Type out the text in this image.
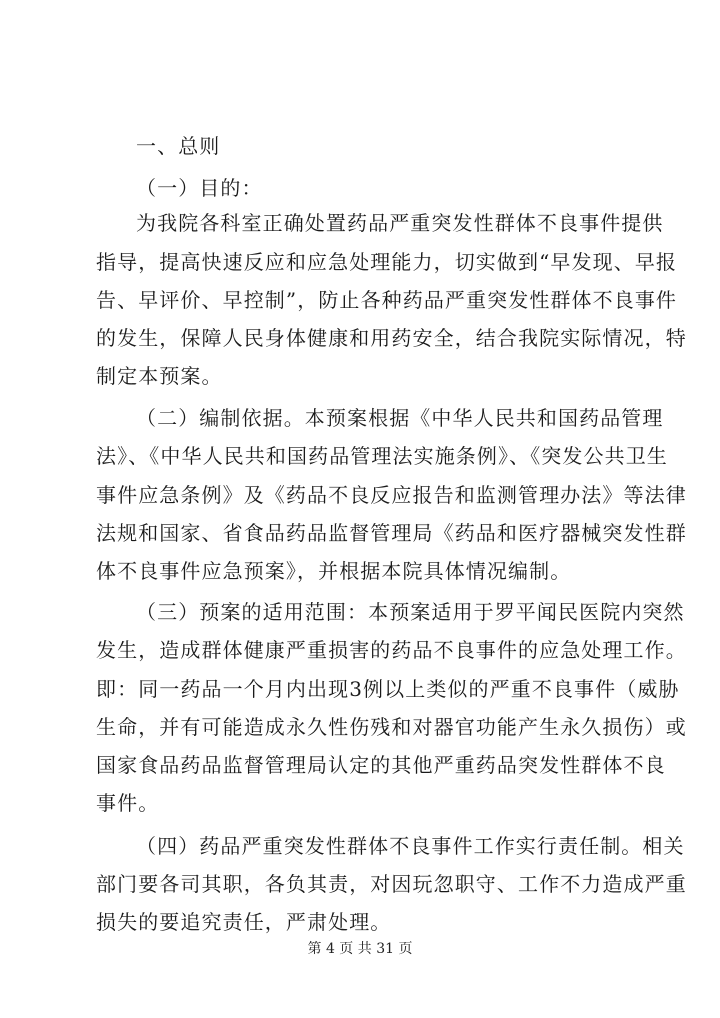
一、总则
（一）目的：
为我院各科室正确处置药品严重突发性群体不良事件提供
指导，提高快速反应和应急处理能力，切实做到“早发现、早报
告、早评价、早控制”，防止各种药品严重突发性群体不良事件
的发生，保障人民身体健康和用药安全，结合我院实际情况，特
制定本预案。
（二）编制依据。本预案根据《中华人民共和国药品管理
法》、《中华人民共和国药品管理法实施条例》、《突发公共卫生
事件应急条例》及《药品不良反应报告和监测管理办法》等法律
法规和国家、省食品药品监督管理局《药品和医疗器械突发性群
体不良事件应急预案》，并根据本院具体情况编制。
（三）预案的适用范围：本预案适用于罗平闻民医院内突然
发生，造成群体健康严重损害的药品不良事件的应急处理工作。
即：同一药品一个月内出现3例以上类似的严重不良事件（威胁
生命，并有可能造成永久性伤残和对器官功能产生永久损伤）或
国家食品药品监督管理局认定的其他严重药品突发性群体不良
事件。
（四）药品严重突发性群体不良事件工作实行责任制。相关
部门要各司其职，各负其责，对因玩忽职守、工作不力造成严重
损失的要追究责任，严肃处理。
第 4 页 共 31 页
